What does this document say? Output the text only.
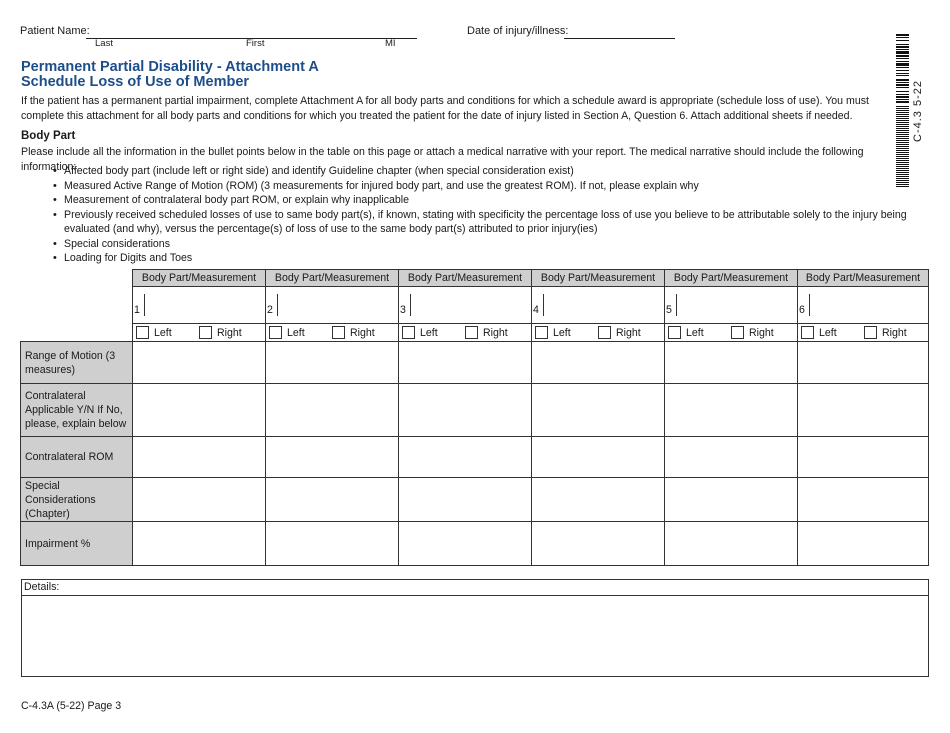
Patient Name:
Last	First	MI
Date of injury/illness:
C-4.3 5-22
Permanent Partial Disability - Attachment A
Schedule Loss of Use of Member
If the patient has a permanent partial impairment, complete Attachment A for all body parts and conditions for which a schedule award is appropriate (schedule loss of use). You must complete this attachment for all body parts and conditions for which you treated the patient for the date of injury listed in Section A, Question 6. Attach additional sheets if needed.
Body Part
Please include all the information in the bullet points below in the table on this page or attach a medical narrative with your report. The medical narrative should include the following information:
• Affected body part (include left or right side) and identify Guideline chapter (when special consideration exist)
• Measured Active Range of Motion (ROM) (3 measurements for injured body part, and use the greatest ROM). If not, please explain why
• Measurement of contralateral body part ROM, or explain why inapplicable
• Previously received scheduled losses of use to same body part(s), if known, stating with specificity the percentage loss of use you believe to be attributable solely to the injury being evaluated (and why), versus the percentage(s) of loss of use to the same body part(s) attributed to prior injury(ies)
• Special considerations
• Loading for Digits and Toes
	Body Part/Measurement	Body Part/Measurement	Body Part/Measurement	Body Part/Measurement	Body Part/Measurement	Body Part/Measurement

	1	2	3	4	5	6

	Left Right	Left Right	Left Right	Left Right	Left Right	Left Right

Range of Motion (3 measures)						
Contralateral Applicable Y/N If No, please, explain below						
Contralateral ROM						
Special Considerations (Chapter)						
Impairment %						
Details:
C-4.3A (5-22) Page 3
